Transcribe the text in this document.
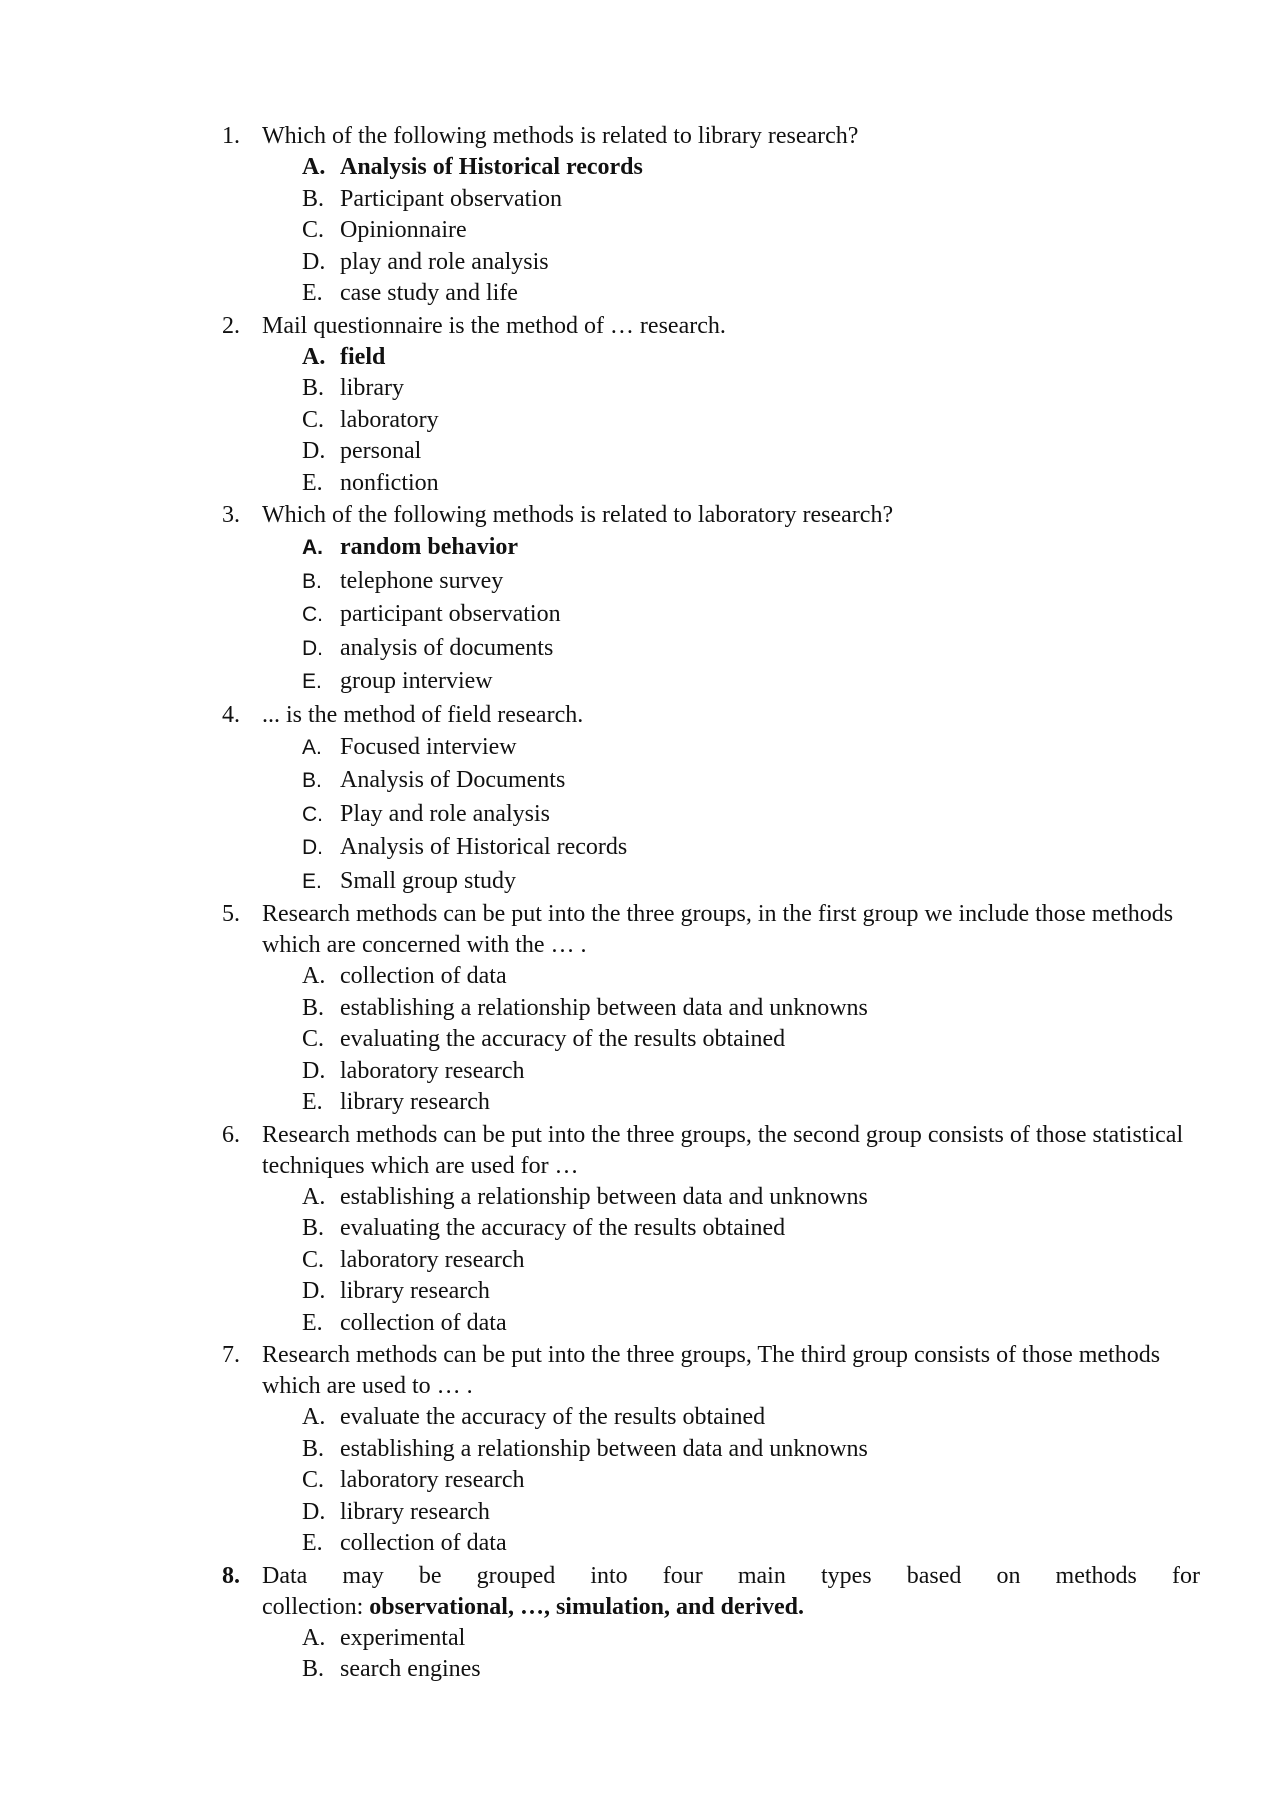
1. Which of the following methods is related to library research?
A. Analysis of Historical records
B. Participant observation
C. Opinionnaire
D. play and role analysis
E. case study and life
2. Mail questionnaire is the method of … research.
A. field
B. library
C. laboratory
D. personal
E. nonfiction
3. Which of the following methods is related to laboratory research?
A. random behavior
B. telephone survey
C. participant observation
D. analysis of documents
E. group interview
4. ... is the method of field research.
A. Focused interview
B. Analysis of Documents
C. Play and role analysis
D. Analysis of Historical records
E. Small group study
5. Research methods can be put into the three groups, in the first group we include those methods which are concerned with the … .
A. collection of data
B. establishing a relationship between data and unknowns
C. evaluating the accuracy of the results obtained
D. laboratory research
E. library research
6. Research methods can be put into the three groups, the second group consists of those statistical techniques which are used for …
A. establishing a relationship between data and unknowns
B. evaluating the accuracy of the results obtained
C. laboratory research
D. library research
E. collection of data
7. Research methods can be put into the three groups, The third group consists of those methods which are used to … .
A. evaluate the accuracy of the results obtained
B. establishing a relationship between data and unknowns
C. laboratory research
D. library research
E. collection of data
8. Data may be grouped into four main types based on methods for
collection: observational, …, simulation, and derived.
A. experimental
B. search engines
